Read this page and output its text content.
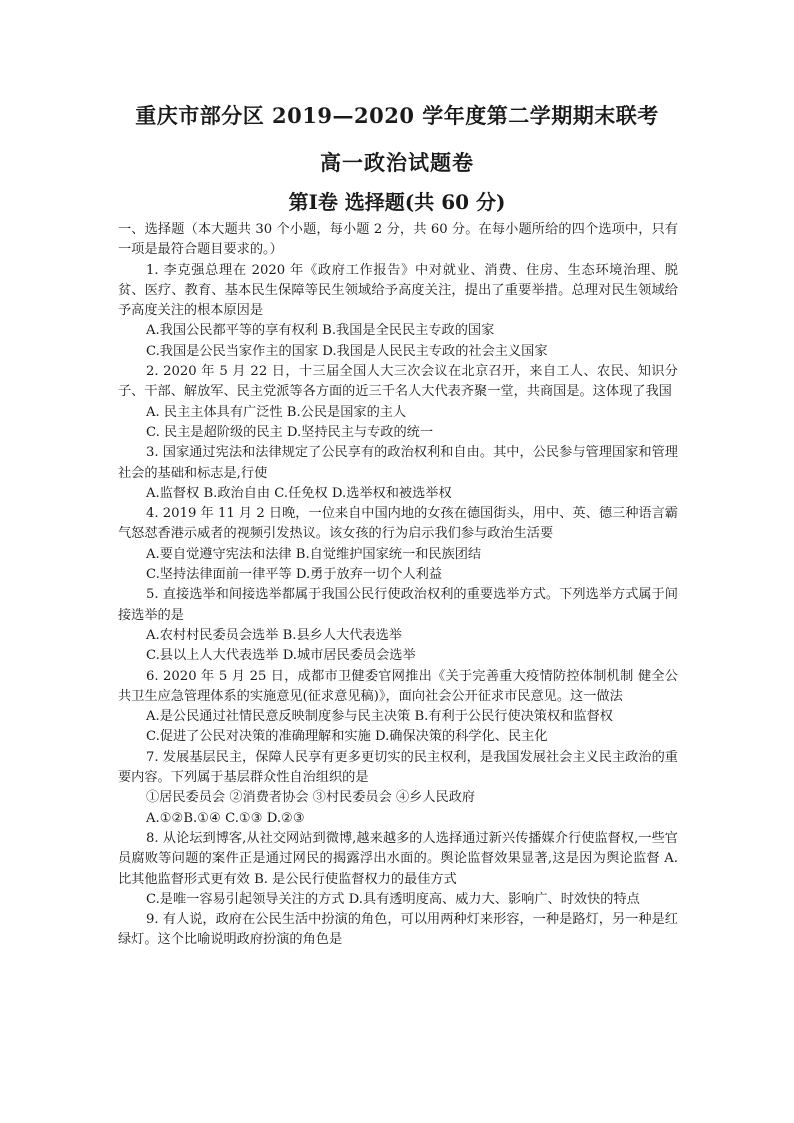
重庆市部分区 2019—2020 学年度第二学期期末联考
高一政治试题卷
第Ⅰ卷 选择题(共 60 分)

一、选择题（本大题共 30 个小题，每小题 2 分，共 60 分。在每小题所给的四个选项中，只有一项是最符合题目要求的。）

1. 李克强总理在 2020 年《政府工作报告》中对就业、消费、住房、生态环境治理、脱贫、医疗、教育、基本民生保障等民生领域给予高度关注，提出了重要举措。总理对民生领域给予高度关注的根本原因是

A.我国公民都平等的享有权利 B.我国是全民民主专政的国家

C.我国是公民当家作主的国家 D.我国是人民民主专政的社会主义国家

2. 2020 年 5 月 22 日，十三届全国人大三次会议在北京召开，来自工人、农民、知识分子、干部、解放军、民主党派等各方面的近三千名人大代表齐聚一堂，共商国是。这体现了我国

A. 民主主体具有广泛性 B.公民是国家的主人

C. 民主是超阶级的民主 D.坚持民主与专政的统一

3. 国家通过宪法和法律规定了公民享有的政治权利和自由。其中，公民参与管理国家和管理社会的基础和标志是,行使

A.监督权 B.政治自由 C.任免权 D.选举权和被选举权

4. 2019 年 11 月 2 日晚，一位来自中国内地的女孩在德国街头，用中、英、德三种语言霸气怒怼香港示威者的视频引发热议。该女孩的行为启示我们参与政治生活要

A.要自觉遵守宪法和法律 B.自觉维护国家统一和民族团结

C.坚持法律面前一律平等 D.勇于放弃一切个人利益

5. 直接选举和间接选举都属于我国公民行使政治权利的重要选举方式。下列选举方式属于间接选举的是

A.农村村民委员会选举 B.县乡人大代表选举

C.县以上人大代表选举 D.城市居民委员会选举

6. 2020 年 5 月 25 日，成都市卫健委官网推出《关于完善重大疫情防控体制机制 健全公共卫生应急管理体系的实施意见(征求意见稿)》，面向社会公开征求市民意见。这一做法

A.是公民通过社情民意反映制度参与民主决策 B.有利于公民行使决策权和监督权

C.促进了公民对决策的准确理解和实施 D.确保决策的科学化、民主化

7. 发展基层民主，保障人民享有更多更切实的民主权利，是我国发展社会主义民主政治的重要内容。下列属于基层群众性自治组织的是

①居民委员会 ②消费者协会 ③村民委员会 ④乡人民政府

A.①②B.①④ C.①③ D.②③

8. 从论坛到博客,从社交网站到微博,越来越多的人选择通过新兴传播媒介行使监督权,一些官员腐败等问题的案件正是通过网民的揭露浮出水面的。舆论监督效果显著,这是因为舆论监督 A.比其他监督形式更有效 B. 是公民行使监督权力的最佳方式

C.是唯一容易引起领导关注的方式 D.具有透明度高、威力大、影响广、时效快的特点

9. 有人说，政府在公民生活中扮演的角色，可以用两种灯来形容，一种是路灯，另一种是红绿灯。这个比喻说明政府扮演的角色是
